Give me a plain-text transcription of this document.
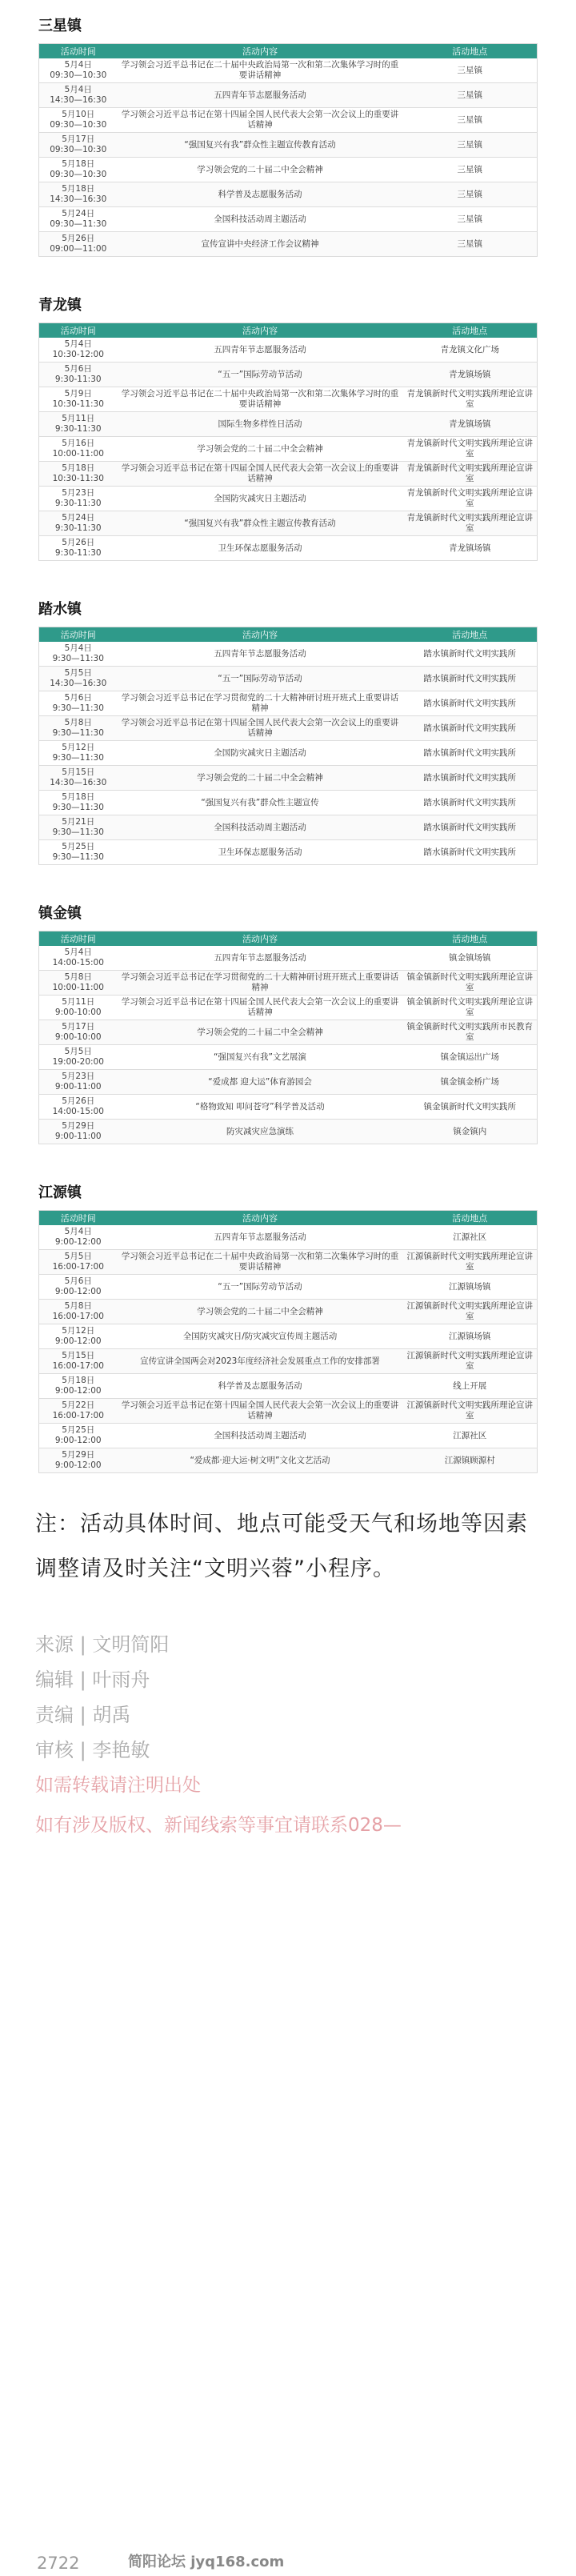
三星镇
活动时间	活动内容	活动地点
5月4日
09:30—10:30	学习领会习近平总书记在二十届中央政治局第一次和第二次集体学习时的重要讲话精神	三星镇
5月4日
14:30—16:30	五四青年节志愿服务活动	三星镇
5月10日
09:30—10:30	学习领会习近平总书记在第十四届全国人民代表大会第一次会议上的重要讲话精神	三星镇
5月17日
09:30—10:30	“强国复兴有我”群众性主题宣传教育活动	三星镇
5月18日
09:30—10:30	学习领会党的二十届二中全会精神	三星镇
5月18日
14:30—16:30	科学普及志愿服务活动	三星镇
5月24日
09:30—11:30	全国科技活动周主题活动	三星镇
5月26日
09:00—11:00	宣传宣讲中央经济工作会议精神	三星镇
青龙镇
活动时间	活动内容	活动地点
5月4日
10:30-12:00	五四青年节志愿服务活动	青龙镇文化广场
5月6日
9:30-11:30	“五一”国际劳动节活动	青龙镇场镇
5月9日
10:30-11:30	学习领会习近平总书记在二十届中央政治局第一次和第二次集体学习时的重要讲话精神	青龙镇新时代文明实践所理论宣讲室
5月11日
9:30-11:30	国际生物多样性日活动	青龙镇场镇
5月16日
10:00-11:00	学习领会党的二十届二中全会精神	青龙镇新时代文明实践所理论宣讲室
5月18日
10:30-11:30	学习领会习近平总书记在第十四届全国人民代表大会第一次会议上的重要讲话精神	青龙镇新时代文明实践所理论宣讲室
5月23日
9:30-11:30	全国防灾减灾日主题活动	青龙镇新时代文明实践所理论宣讲室
5月24日
9:30-11:30	“强国复兴有我”群众性主题宣传教育活动	青龙镇新时代文明实践所理论宣讲室
5月26日
9:30-11:30	卫生环保志愿服务活动	青龙镇场镇
踏水镇
活动时间	活动内容	活动地点
5月4日
9:30—11:30	五四青年节志愿服务活动	踏水镇新时代文明实践所
5月5日
14:30—16:30	“五一”国际劳动节活动	踏水镇新时代文明实践所
5月6日
9:30—11:30	学习领会习近平总书记在学习贯彻党的二十大精神研讨班开班式上重要讲话精神	踏水镇新时代文明实践所
5月8日
9:30—11:30	学习领会习近平总书记在第十四届全国人民代表大会第一次会议上的重要讲话精神	踏水镇新时代文明实践所
5月12日
9:30—11:30	全国防灾减灾日主题活动	踏水镇新时代文明实践所
5月15日
14:30—16:30	学习领会党的二十届二中全会精神	踏水镇新时代文明实践所
5月18日
9:30—11:30	“强国复兴有我”群众性主题宣传	踏水镇新时代文明实践所
5月21日
9:30—11:30	全国科技活动周主题活动	踏水镇新时代文明实践所
5月25日
9:30—11:30	卫生环保志愿服务活动	踏水镇新时代文明实践所
镇金镇
活动时间	活动内容	活动地点
5月4日
14:00-15:00	五四青年节志愿服务活动	镇金镇场镇
5月8日
10:00-11:00	学习领会习近平总书记在学习贯彻党的二十大精神研讨班开班式上重要讲话精神	镇金镇新时代文明实践所理论宣讲室
5月11日
9:00-10:00	学习领会习近平总书记在第十四届全国人民代表大会第一次会议上的重要讲话精神	镇金镇新时代文明实践所理论宣讲室
5月17日
9:00-10:00	学习领会党的二十届二中全会精神	镇金镇新时代文明实践所市民教育室
5月5日
19:00-20:00	“强国复兴有我”文艺展演	镇金镇运出广场
5月23日
9:00-11:00	“爱成都 迎大运”体育游园会	镇金镇金桥广场
5月26日
14:00-15:00	“格物致知 叩问苍穹”科学普及活动	镇金镇新时代文明实践所
5月29日
9:00-11:00	防灾减灾应急演练	镇金镇内
江源镇
活动时间	活动内容	活动地点
5月4日
9:00-12:00	五四青年节志愿服务活动	江源社区
5月5日
16:00-17:00	学习领会习近平总书记在二十届中央政治局第一次和第二次集体学习时的重要讲话精神	江源镇新时代文明实践所理论宣讲室
5月6日
9:00-12:00	“五一”国际劳动节活动	江源镇场镇
5月8日
16:00-17:00	学习领会党的二十届二中全会精神	江源镇新时代文明实践所理论宣讲室
5月12日
9:00-12:00	全国防灾减灾日/防灾减灾宣传周主题活动	江源镇场镇
5月15日
16:00-17:00	宣传宣讲全国两会对2023年度经济社会发展重点工作的安排部署	江源镇新时代文明实践所理论宣讲室
5月18日
9:00-12:00	科学普及志愿服务活动	线上开展
5月22日
16:00-17:00	学习领会习近平总书记在第十四届全国人民代表大会第一次会议上的重要讲话精神	江源镇新时代文明实践所理论宣讲室
5月25日
9:00-12:00	全国科技活动周主题活动	江源社区
5月29日
9:00-12:00	“爱成都·迎大运·树文明”文化文艺活动	江源镇顾源村
注：活动具体时间、地点可能受天气和场地等因素调整请及时关注“文明兴蓉”小程序。
来源 | 文明简阳
编辑 | 叶雨舟
责编 | 胡禹
审核 | 李艳敏
如需转载请注明出处
如有涉及版权、新闻线索等事宜请联系028—
2722	简阳论坛 jyq168.com
